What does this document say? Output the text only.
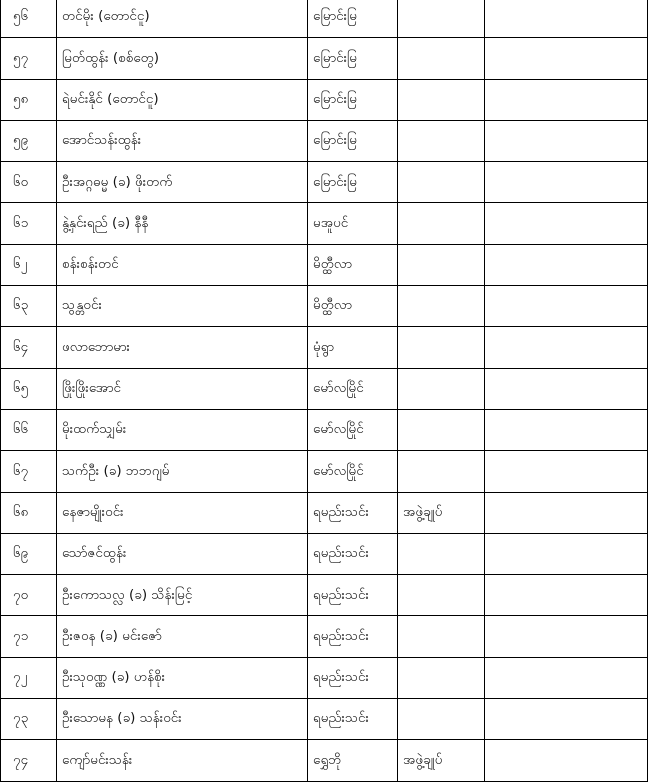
၅၆	တင်မိုး (တောင်ငူ)	မြောင်းမြ		
၅၇	မြတ်ထွန်း (စစ်တွေ)	မြောင်းမြ		
၅၈	ရဲမင်းနိုင် (တောင်ငူ)	မြောင်းမြ		
၅၉	အောင်သန်းထွန်း	မြောင်းမြ		
၆၀	ဦးအဂ္ဂဓမ္မ (ခ) ဖိုးတက်	မြောင်းမြ		
၆၁	နွဲ့နှင်းရည် (ခ) နီနီ	မအူပင်		
၆၂	စန်းစန်းတင်	မိတ္ထီလာ		
၆၃	သွန္တဝင်း	မိတ္ထီလာ		
၆၄	ဖလာဘောမား	မုံရွာ		
၆၅	ဖြိုးဖြိုးအောင်	မော်လမြိုင်		
၆၆	မိုးထက်သျှမ်း	မော်လမြိုင်		
၆၇	သက်ဦး (ခ) ဘဘဂျမ်	မော်လမြိုင်		
၆၈	နေဇာမျိုးဝင်း	ရမည်းသင်း	အဖွဲ့ချုပ်	
၆၉	သော်ဇင်ထွန်း	ရမည်းသင်း		
၇၀	ဦးကောသလ္လ (ခ) သိန်းမြင့်	ရမည်းသင်း		
၇၁	ဦးဇဝန (ခ) မင်းဇော်	ရမည်းသင်း		
၇၂	ဦးသုဝဏ္ဏ (ခ) ဟန်စိုး	ရမည်းသင်း		
၇၃	ဦးသောမန (ခ) သန်းဝင်း	ရမည်းသင်း		
၇၄	ကျော်မင်းသန်း	ရွှေဘို	အဖွဲ့ချုပ်	
